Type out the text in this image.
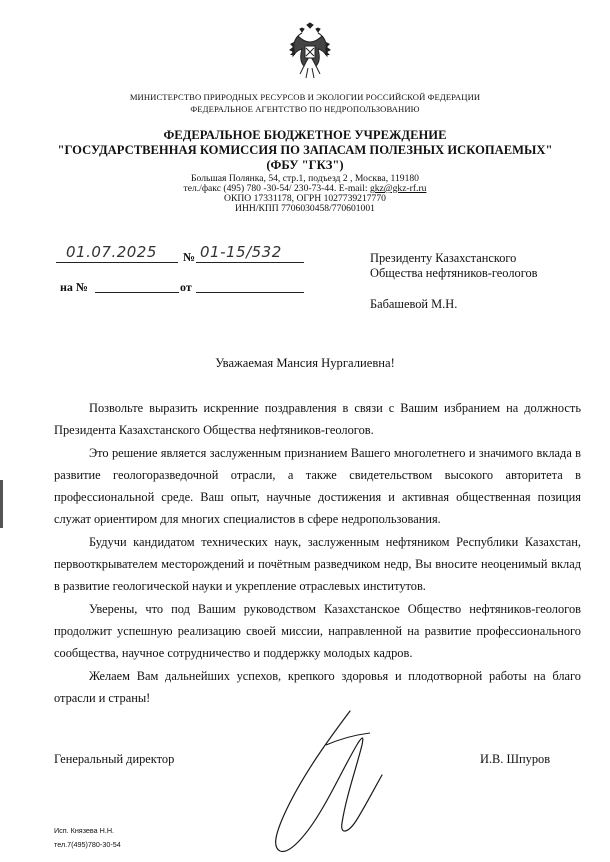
МИНИСТЕРСТВО ПРИРОДНЫХ РЕСУРСОВ И ЭКОЛОГИИ РОССИЙСКОЙ ФЕДЕРАЦИИ
ФЕДЕРАЛЬНОЕ АГЕНТСТВО ПО НЕДРОПОЛЬЗОВАНИЮ
ФЕДЕРАЛЬНОЕ БЮДЖЕТНОЕ УЧРЕЖДЕНИЕ
"ГОСУДАРСТВЕННАЯ КОМИССИЯ ПО ЗАПАСАМ ПОЛЕЗНЫХ ИСКОПАЕМЫХ"
(ФБУ "ГКЗ")
Большая Полянка, 54, стр.1, подъезд 2 , Москва, 119180
тел./факс (495) 780 -30-54/ 230-73-44. E-mail: gkz@gkz-rf.ru
ОКПО 17331178, ОГРН 1027739217770
ИНН/КПП 7706030458/770601001
01.07.2025 № 01-15/532
на №	от
Президенту Казахстанского
Общества нефтяников-геологов
Бабашевой М.Н.
Уважаемая Мансия Нургалиевна!

Позвольте выразить искренние поздравления в связи с Вашим избранием на должность Президента Казахстанского Общества нефтяников-геологов.

Это решение является заслуженным признанием Вашего многолетнего и значимого вклада в развитие геологоразведочной отрасли, а также свидетельством высокого авторитета в профессиональной среде. Ваш опыт, научные достижения и активная общественная позиция служат ориентиром для многих специалистов в сфере недропользования.

Будучи кандидатом технических наук, заслуженным нефтяником Республики Казахстан, первооткрывателем месторождений и почётным разведчиком недр, Вы вносите неоценимый вклад в развитие геологической науки и укрепление отраслевых институтов.

Уверены, что под Вашим руководством Казахстанское Общество нефтяников-геологов продолжит успешную реализацию своей миссии, направленной на развитие профессионального сообщества, научное сотрудничество и поддержку молодых кадров.

Желаем Вам дальнейших успехов, крепкого здоровья и плодотворной работы на благо отрасли и страны!

Генеральный директор	И.В. Шпуров
Исп. Князева Н.Н.
тел.7(495)780-30-54
